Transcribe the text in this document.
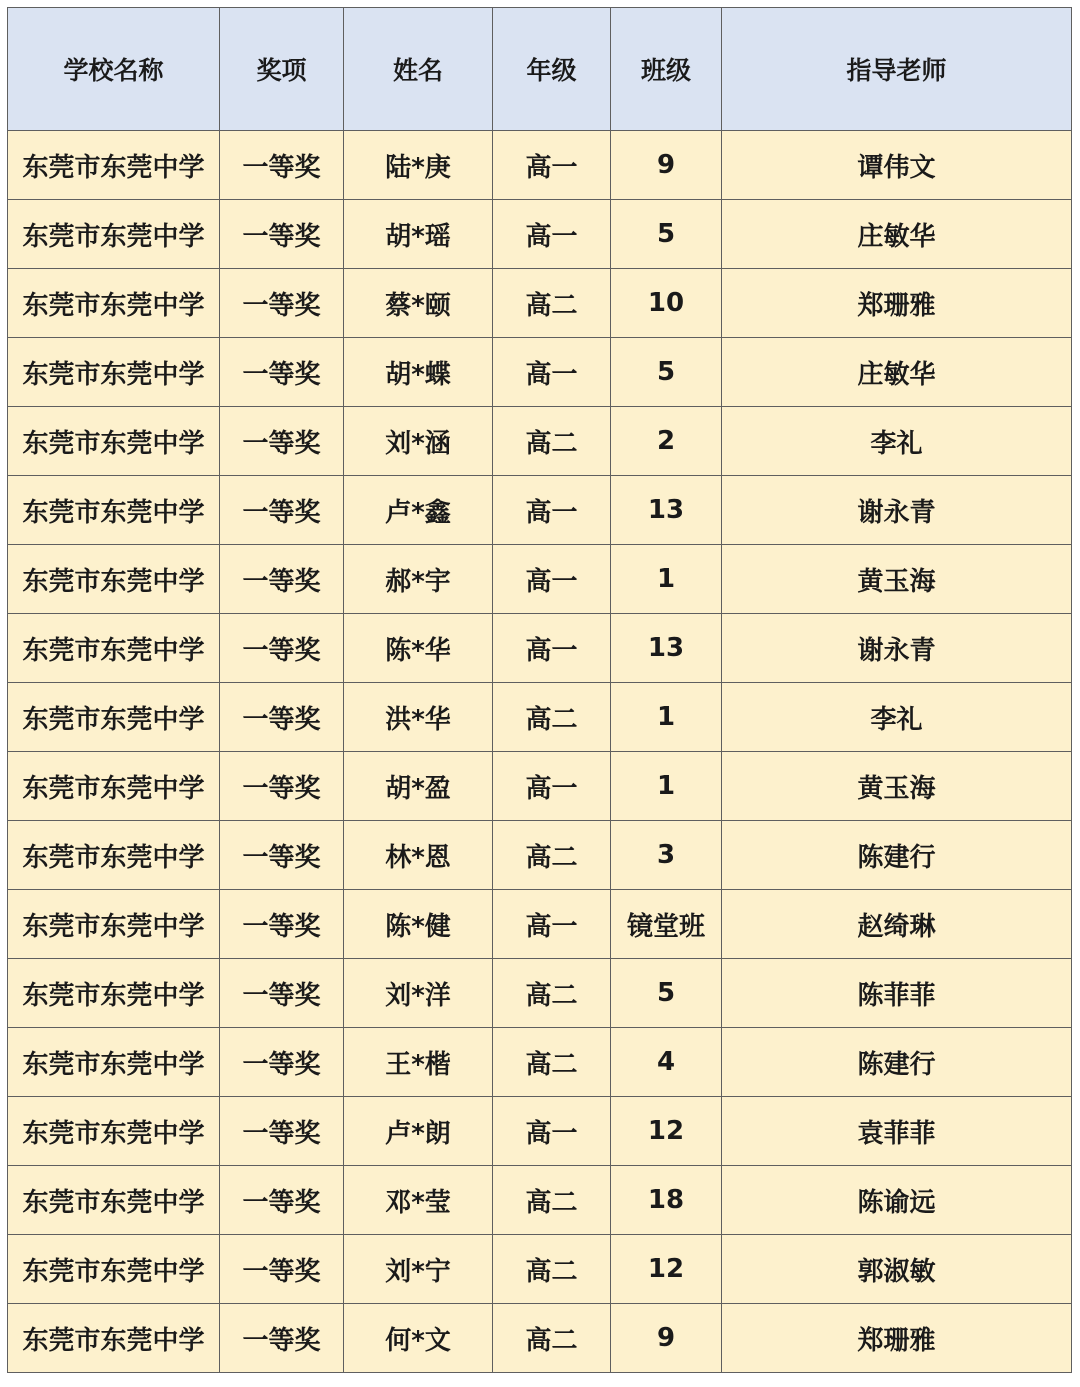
学校名称	奖项	姓名	年级	班级	指导老师
东莞市东莞中学	一等奖	陆*庚	高一	9	谭伟文
东莞市东莞中学	一等奖	胡*瑶	高一	5	庄敏华
东莞市东莞中学	一等奖	蔡*颐	高二	10	郑珊雅
东莞市东莞中学	一等奖	胡*蝶	高一	5	庄敏华
东莞市东莞中学	一等奖	刘*涵	高二	2	李礼
东莞市东莞中学	一等奖	卢*鑫	高一	13	谢永青
东莞市东莞中学	一等奖	郝*宇	高一	1	黄玉海
东莞市东莞中学	一等奖	陈*华	高一	13	谢永青
东莞市东莞中学	一等奖	洪*华	高二	1	李礼
东莞市东莞中学	一等奖	胡*盈	高一	1	黄玉海
东莞市东莞中学	一等奖	林*恩	高二	3	陈建行
东莞市东莞中学	一等奖	陈*健	高一	镜堂班	赵绮琳
东莞市东莞中学	一等奖	刘*洋	高二	5	陈菲菲
东莞市东莞中学	一等奖	王*楷	高二	4	陈建行
东莞市东莞中学	一等奖	卢*朗	高一	12	袁菲菲
东莞市东莞中学	一等奖	邓*莹	高二	18	陈谕远
东莞市东莞中学	一等奖	刘*宁	高二	12	郭淑敏
东莞市东莞中学	一等奖	何*文	高二	9	郑珊雅
